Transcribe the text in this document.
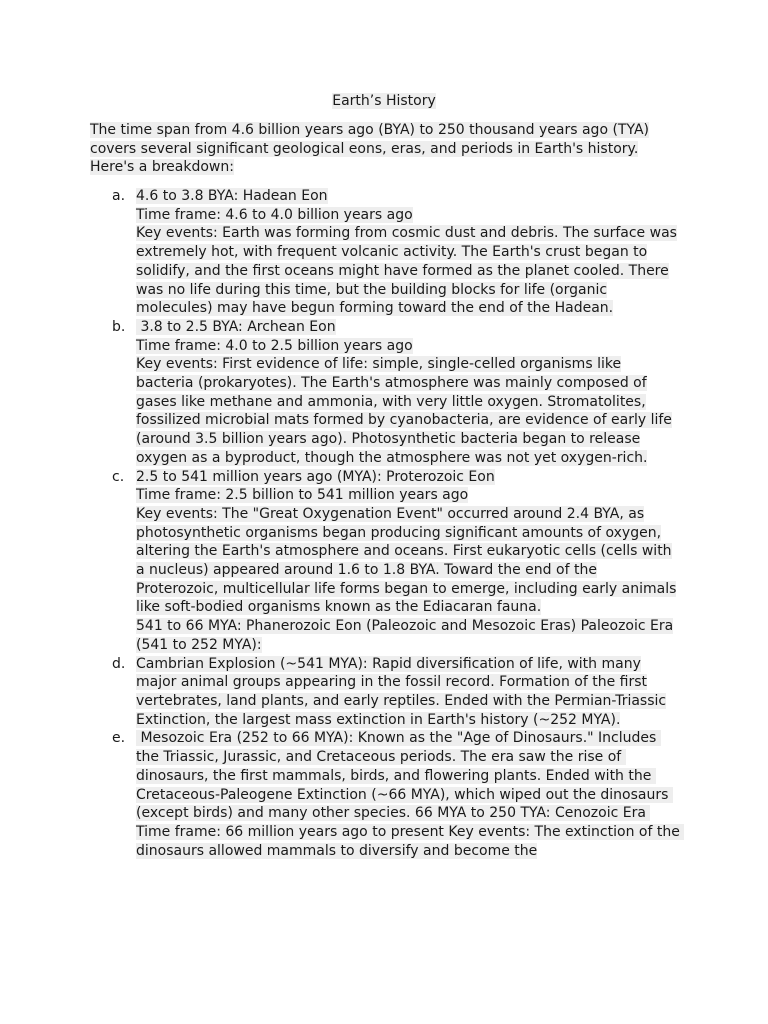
Earth’s History
The time span from 4.6 billion years ago (BYA) to 250 thousand years ago (TYA) covers several significant geological eons, eras, and periods in Earth's history. Here's a breakdown:
a. 4.6 to 3.8 BYA: Hadean Eon
Time frame: 4.6 to 4.0 billion years ago
Key events: Earth was forming from cosmic dust and debris. The surface was extremely hot, with frequent volcanic activity. The Earth's crust began to solidify, and the first oceans might have formed as the planet cooled. There was no life during this time, but the building blocks for life (organic molecules) may have begun forming toward the end of the Hadean.
b. 3.8 to 2.5 BYA: Archean Eon
Time frame: 4.0 to 2.5 billion years ago
Key events: First evidence of life: simple, single-celled organisms like bacteria (prokaryotes). The Earth's atmosphere was mainly composed of gases like methane and ammonia, with very little oxygen. Stromatolites, fossilized microbial mats formed by cyanobacteria, are evidence of early life (around 3.5 billion years ago). Photosynthetic bacteria began to release oxygen as a byproduct, though the atmosphere was not yet oxygen-rich.
c. 2.5 to 541 million years ago (MYA): Proterozoic Eon
Time frame: 2.5 billion to 541 million years ago
Key events: The "Great Oxygenation Event" occurred around 2.4 BYA, as photosynthetic organisms began producing significant amounts of oxygen, altering the Earth's atmosphere and oceans. First eukaryotic cells (cells with a nucleus) appeared around 1.6 to 1.8 BYA. Toward the end of the Proterozoic, multicellular life forms began to emerge, including early animals like soft-bodied organisms known as the Ediacaran fauna.
541 to 66 MYA: Phanerozoic Eon (Paleozoic and Mesozoic Eras) Paleozoic Era (541 to 252 MYA):
d. Cambrian Explosion (~541 MYA): Rapid diversification of life, with many major animal groups appearing in the fossil record. Formation of the first vertebrates, land plants, and early reptiles. Ended with the Permian-Triassic Extinction, the largest mass extinction in Earth's history (~252 MYA).
e. Mesozoic Era (252 to 66 MYA): Known as the "Age of Dinosaurs." Includes the Triassic, Jurassic, and Cretaceous periods. The era saw the rise of dinosaurs, the first mammals, birds, and flowering plants. Ended with the Cretaceous-Paleogene Extinction (~66 MYA), which wiped out the dinosaurs (except birds) and many other species. 66 MYA to 250 TYA: Cenozoic Era Time frame: 66 million years ago to present Key events: The extinction of the dinosaurs allowed mammals to diversify and become the
